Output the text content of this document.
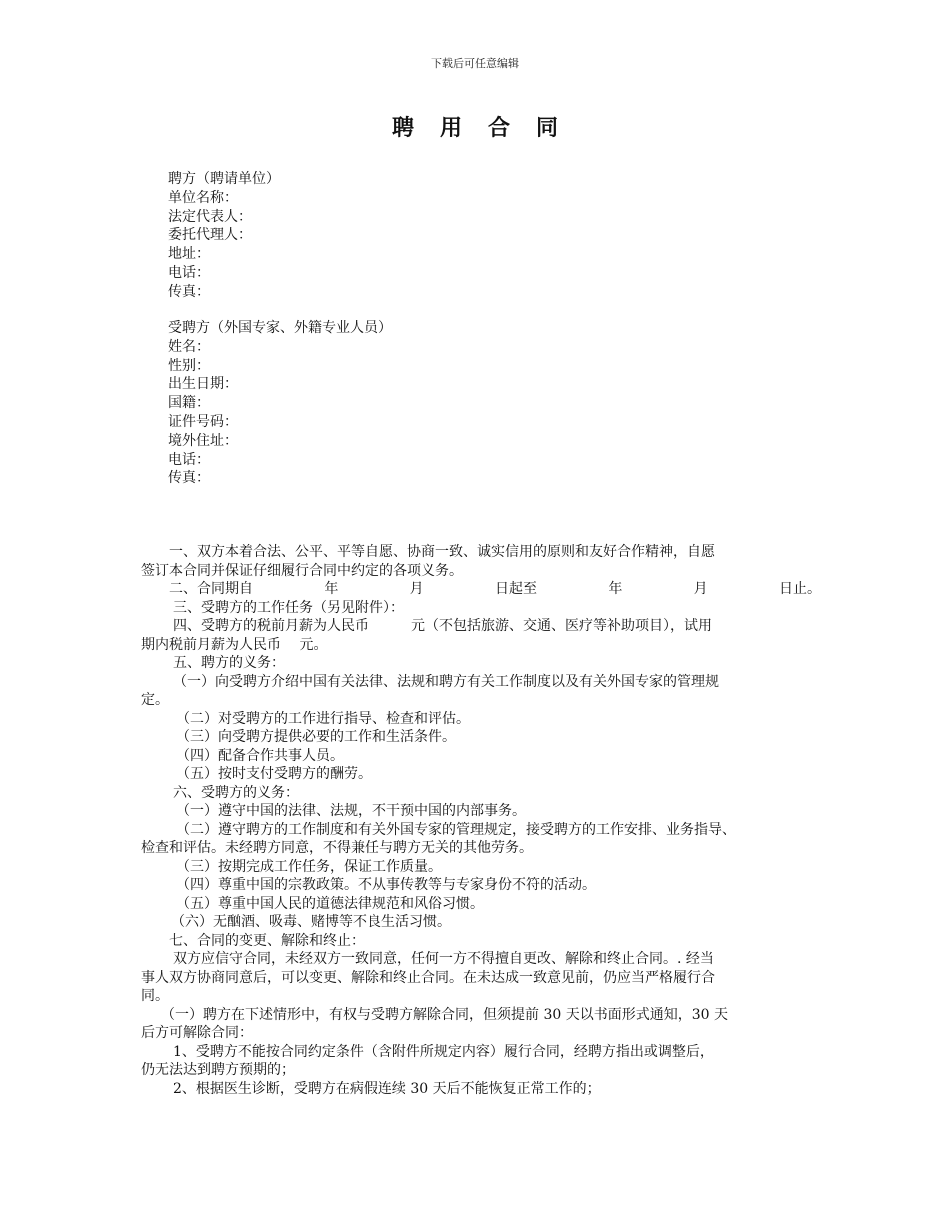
下载后可任意编辑
聘 用 合 同
聘方（聘请单位）
单位名称：
法定代表人：
委托代理人：
地址：
电话：
传真：
受聘方（外国专家、外籍专业人员）
姓名：
性别：
出生日期：
国籍：
证件号码：
境外住址：
电话：
传真：
一、双方本着合法、公平、平等自愿、协商一致、诚实信用的原则和友好合作精神，自愿
签订本合同并保证仔细履行合同中约定的各项义务。
二、合同期自	年	月	日起至	年	月	日止。
三、受聘方的工作任务（另见附件）：
四、受聘方的税前月薪为人民币　　　元（不包括旅游、交通、医疗等补助项目），试用
期内税前月薪为人民币　 元。
五、聘方的义务：
（一）向受聘方介绍中国有关法律、法规和聘方有关工作制度以及有关外国专家的管理规
定。
（二）对受聘方的工作进行指导、检查和评估。
（三）向受聘方提供必要的工作和生活条件。
（四）配备合作共事人员。
（五）按时支付受聘方的酬劳。
六、受聘方的义务：
（一）遵守中国的法律、法规，不干预中国的内部事务。
（二）遵守聘方的工作制度和有关外国专家的管理规定，接受聘方的工作安排、业务指导、
检查和评估。未经聘方同意，不得兼任与聘方无关的其他劳务。
（三）按期完成工作任务，保证工作质量。
（四）尊重中国的宗教政策。不从事传教等与专家身份不符的活动。
（五）尊重中国人民的道德法律规范和风俗习惯。
（六）无酗酒、吸毒、赌博等不良生活习惯。
七、合同的变更、解除和终止：
双方应信守合同，未经双方一致同意，任何一方不得擅自更改、解除和终止合同。. 经当
事人双方协商同意后，可以变更、解除和终止合同。在未达成一致意见前，仍应当严格履行合
同。
（一）聘方在下述情形中，有权与受聘方解除合同，但须提前 30 天以书面形式通知，30 天
后方可解除合同：
1、受聘方不能按合同约定条件（含附件所规定内容）履行合同，经聘方指出或调整后，
仍无法达到聘方预期的；
2、根据医生诊断，受聘方在病假连续 30 天后不能恢复正常工作的；
